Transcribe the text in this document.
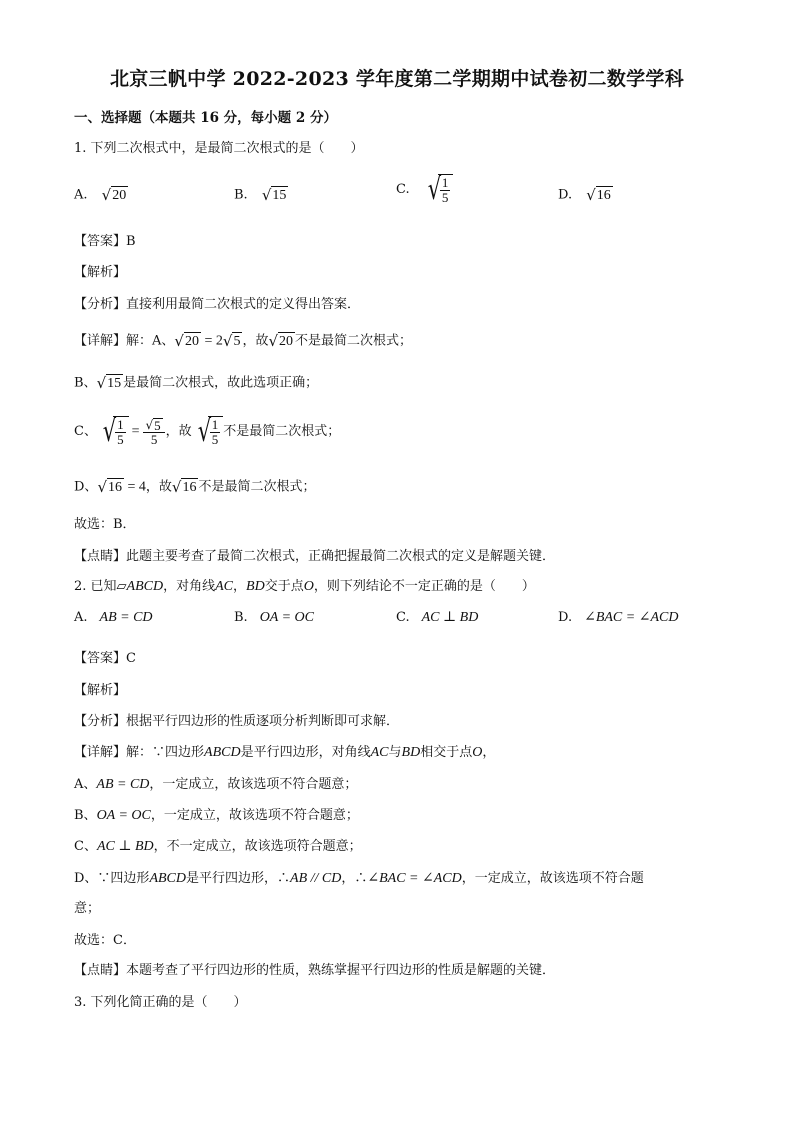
北京三帆中学 2022-2023 学年度第二学期期中试卷初二数学学科
一、选择题（本题共 16 分，每小题 2 分）
1. 下列二次根式中，是最简二次根式的是（　　）
A. √ 20	B. √ 15	C. √ $\frac{1}{5}$	D. √ 16
【答案】B
【解析】
【分析】直接利用最简二次根式的定义得出答案．
【详解】解：A、 √ 20 = 2 √ 5 ，故 √ 20 不是最简二次根式；
B、 √ 15 是最简二次根式，故此选项正确；
C、 √ $\frac{1}{5} = \frac{√ 5}{5}$ ，故 √ $\frac{1}{5}$ 不是最简二次根式；
D、 √ 16 = 4，故 √ 16 不是最简二次根式；
故选：B．
【点睛】此题主要考查了最简二次根式，正确把握最简二次根式的定义是解题关键．
2. 已知▱ABCD，对角线AC，BD交于点O，则下列结论不一定正确的是（　　）
A. AB = CD	B. OA = OC	C. AC ⊥ BD	D. ∠BAC = ∠ACD
【答案】C
【解析】
【分析】根据平行四边形的性质逐项分析判断即可求解．
【详解】解：∵四边形ABCD是平行四边形，对角线AC与BD相交于点O，
A、AB = CD，一定成立，故该选项不符合题意；
B、OA = OC，一定成立，故该选项不符合题意；
C、AC ⊥ BD，不一定成立，故该选项符合题意；
D、∵四边形ABCD是平行四边形，∴AB // CD，∴∠BAC = ∠ACD，一定成立，故该选项不符合题
意；
故选：C．
【点睛】本题考查了平行四边形的性质，熟练掌握平行四边形的性质是解题的关键．
3. 下列化简正确的是（　　）
